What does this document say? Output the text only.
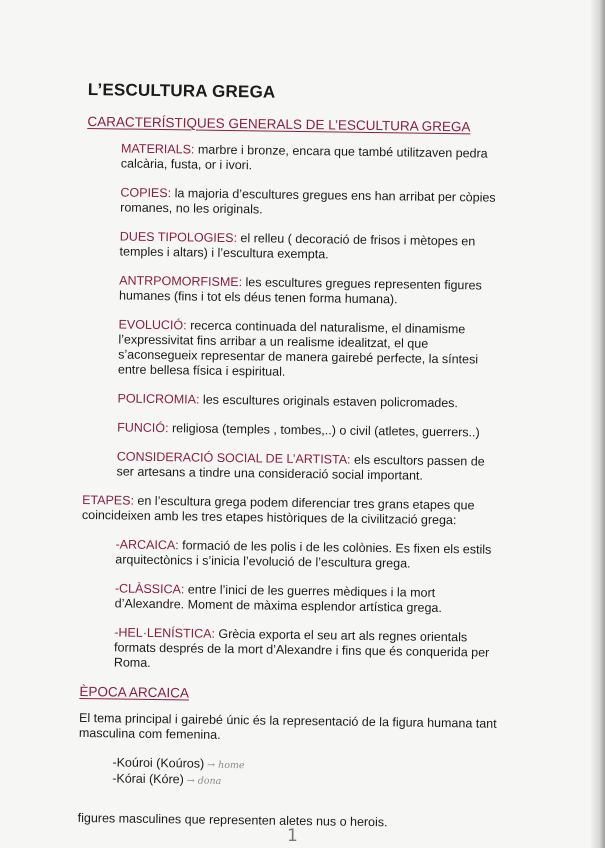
L’ESCULTURA GREGA
CARACTERÍSTIQUES GENERALS DE L’ESCULTURA GREGA
MATERIALS: marbre i bronze, encara que també utilitzaven pedra calcària, fusta, or i ivori.
COPIES: la majoria d’escultures gregues ens han arribat per còpies romanes, no les originals.
DUES TIPOLOGIES: el relleu ( decoració de frisos i mètopes en temples i altars) i l’escultura exempta.
ANTRPOMORFISME: les escultures gregues representen figures humanes (fins i tot els déus tenen forma humana).
EVOLUCIÓ: recerca continuada del naturalisme, el dinamisme l’expressivitat fins arribar a un realisme idealitzat, el que s’aconsegueix representar de manera gairebé perfecte, la síntesi entre bellesa física i espiritual.
POLICROMIA: les escultures originals estaven policromades.
FUNCIÓ: religiosa (temples , tombes,..) o civil (atletes, guerrers..)
CONSIDERACIÓ SOCIAL DE L’ARTISTA: els escultors passen de ser artesans a tindre una consideració social important.
ETAPES: en l’escultura grega podem diferenciar tres grans etapes que coincideixen amb les tres etapes històriques de la civilització grega:
-ARCAICA: formació de les polis i de les colònies. Es fixen els estils arquitectònics i s’inicia l’evolució de l’escultura grega.
-CLÀSSICA: entre l’inici de les guerres mèdiques i la mort d’Alexandre. Moment de màxima esplendor artística grega.
-HEL·LENÍSTICA: Grècia exporta el seu art als regnes orientals formats després de la mort d’Alexandre i fins que és conquerida per Roma.
ÈPOCA ARCAICA
El tema principal i gairebé únic és la representació de la figura humana tant masculina com femenina.
-Koúroi (Koúros) → home
-Kórai (Kóre) → dona
figures masculines que representen aletes nus o herois.
1
